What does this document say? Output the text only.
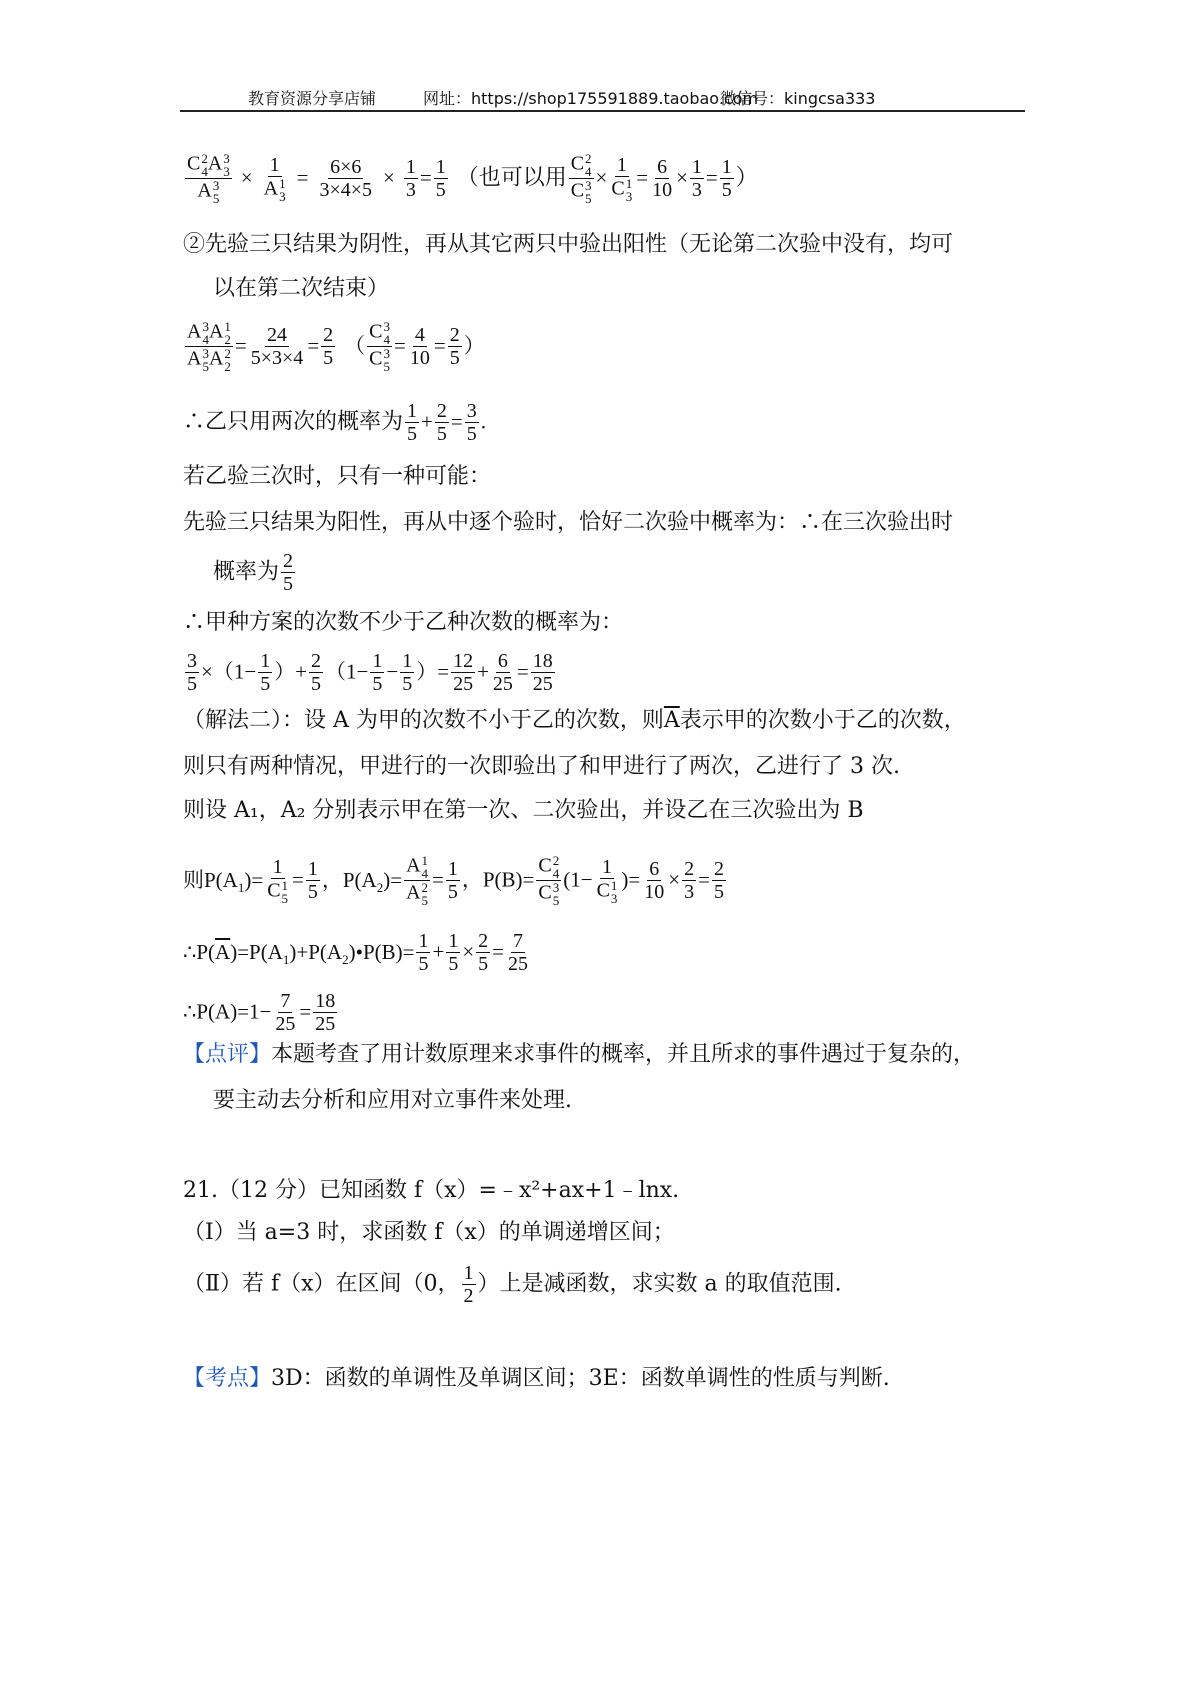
教育资源分享店铺	网址：https://shop175591889.taobao.com
微信号：kingcsa333
C 2
4 A 3
3
A 3
5 × 1
A 1
$3 = \frac{6\times 6}{3\times 4\times 5} \times \frac{1}{3} = \frac{1}{5}$ （也可以用 C 2
4
C 3
5 × 1
C 1
$3 = \frac{6}{10} \times \frac{1}{3} = \frac{1}{5}$ ）
②先验三只结果为阴性，再从其它两只中验出阳性（无论第二次验中没有，均可
以在第二次结束）
A 3
4 A 1
2
A 3
5 A 2
$2 = \frac{24}{5\times 3\times 4} = \frac{2}{5}$ （ C 3
4
C 3
$5 = \frac{4}{10} = \frac{2}{5}$ ）
∴乙只用两次的概率为 $\frac{1}{5} + \frac{2}{5} = \frac{3}{5}$ .
若乙验三次时，只有一种可能：
先验三只结果为阳性，再从中逐个验时，恰好二次验中概率为：∴在三次验出时
概率为 $\frac{2}{5}$
∴甲种方案的次数不少于乙种次数的概率为：
$\frac{3}{5} \times(1- \frac{1}{5}$ ）+ $\frac{2}{5} (1- \frac{1}{5} - \frac{1}{5}$ ）= $\frac{12}{25} + \frac{6}{25} = \frac{18}{25}$
（解法二）：设 A 为甲的次数不小于乙的次数，则$\overline{A}$表示甲的次数小于乙的次数，
则只有两种情况，甲进行的一次即验出了和甲进行了两次，乙进行了 3 次.
则设 A₁，A₂ 分别表示甲在第一次、二次验出，并设乙在三次验出为 B
则$P(A_1)= 1$
C 1
$5 = \frac{1}{5}$ ，$P(A_2)= A$ 1
4
A 2
$5 = \frac{1}{5}$ ，P(B)= C 2
4
C 3
5 (1− 1
C 1
3 )= $\frac{6}{10} \times \frac{2}{3} = \frac{2}{5}$
$\therefore P(\overline{A})=P(A_1)+P(A_2)•P(B)= \frac{1}{5} + \frac{1}{5} \times \frac{2}{5} = \frac{7}{25}$
∴P(A)=1− $\frac{7}{25} = \frac{18}{25}$
【点评】本题考查了用计数原理来求事件的概率，并且所求的事件遇过于复杂的，
要主动去分析和应用对立事件来处理.
21.（12 分）已知函数 f（x）=﹣x²+ax+1﹣lnx.
（Ⅰ）当 a=3 时，求函数 f（x）的单调递增区间；
（Ⅱ）若 f（x）在区间（0， $\frac{1}{2}$ ）上是减函数，求实数 a 的取值范围.
【考点】3D：函数的单调性及单调区间；3E：函数单调性的性质与判断.
